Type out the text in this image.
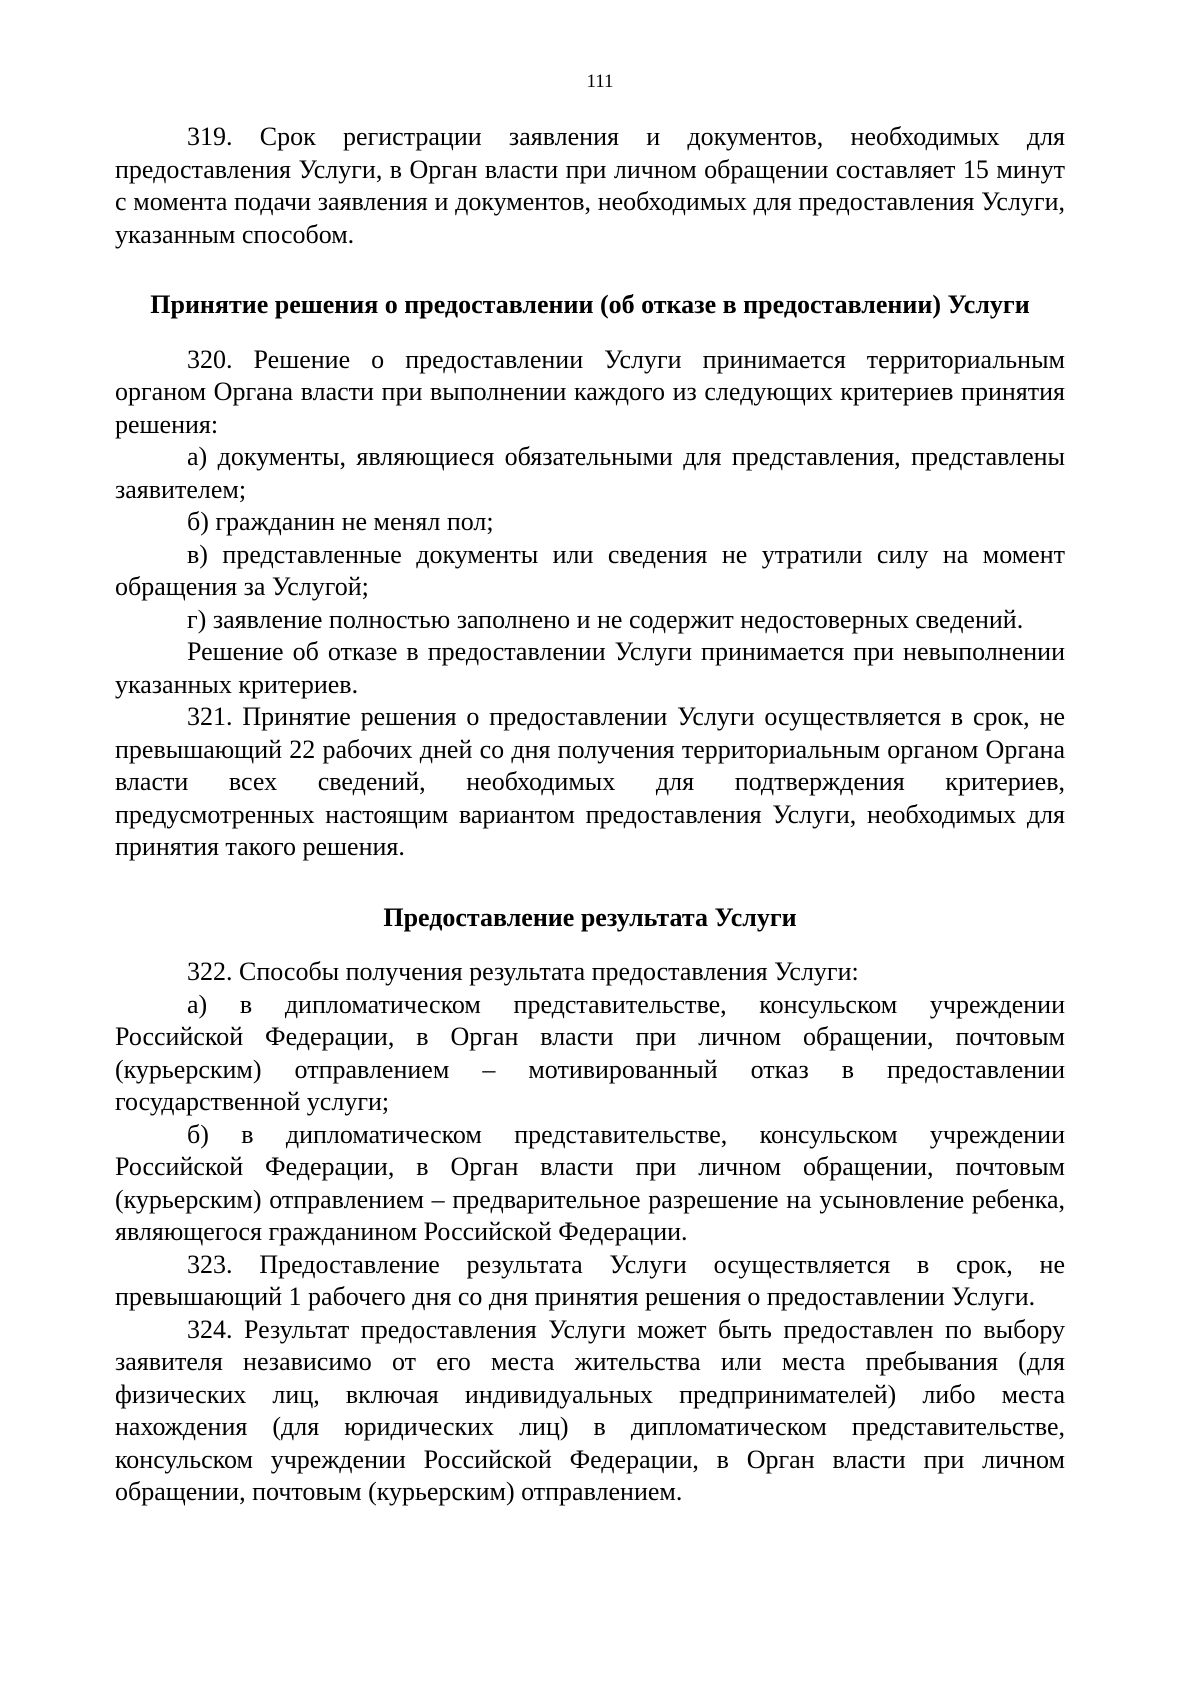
111

319. Срок регистрации заявления и документов, необходимых для предоставления Услуги, в Орган власти при личном обращении составляет 15 минут с момента подачи заявления и документов, необходимых для предоставления Услуги, указанным способом.

Принятие решения о предоставлении (об отказе в предоставлении) Услуги

320. Решение о предоставлении Услуги принимается территориальным органом Органа власти при выполнении каждого из следующих критериев принятия решения:

а) документы, являющиеся обязательными для представления, представлены заявителем;

б) гражданин не менял пол;

в) представленные документы или сведения не утратили силу на момент обращения за Услугой;

г) заявление полностью заполнено и не содержит недостоверных сведений.

Решение об отказе в предоставлении Услуги принимается при невыполнении указанных критериев.

321. Принятие решения о предоставлении Услуги осуществляется в срок, не превышающий 22 рабочих дней со дня получения территориальным органом Органа власти всех сведений, необходимых для подтверждения критериев, предусмотренных настоящим вариантом предоставления Услуги, необходимых для принятия такого решения.

Предоставление результата Услуги

322. Способы получения результата предоставления Услуги:

а) в дипломатическом представительстве, консульском учреждении Российской Федерации, в Орган власти при личном обращении, почтовым (курьерским) отправлением – мотивированный отказ в предоставлении государственной услуги;

б) в дипломатическом представительстве, консульском учреждении Российской Федерации, в Орган власти при личном обращении, почтовым (курьерским) отправлением – предварительное разрешение на усыновление ребенка, являющегося гражданином Российской Федерации.

323. Предоставление результата Услуги осуществляется в срок, не превышающий 1 рабочего дня со дня принятия решения о предоставлении Услуги.

324. Результат предоставления Услуги может быть предоставлен по выбору заявителя независимо от его места жительства или места пребывания (для физических лиц, включая индивидуальных предпринимателей) либо места нахождения (для юридических лиц) в дипломатическом представительстве, консульском учреждении Российской Федерации, в Орган власти при личном обращении, почтовым (курьерским) отправлением.
